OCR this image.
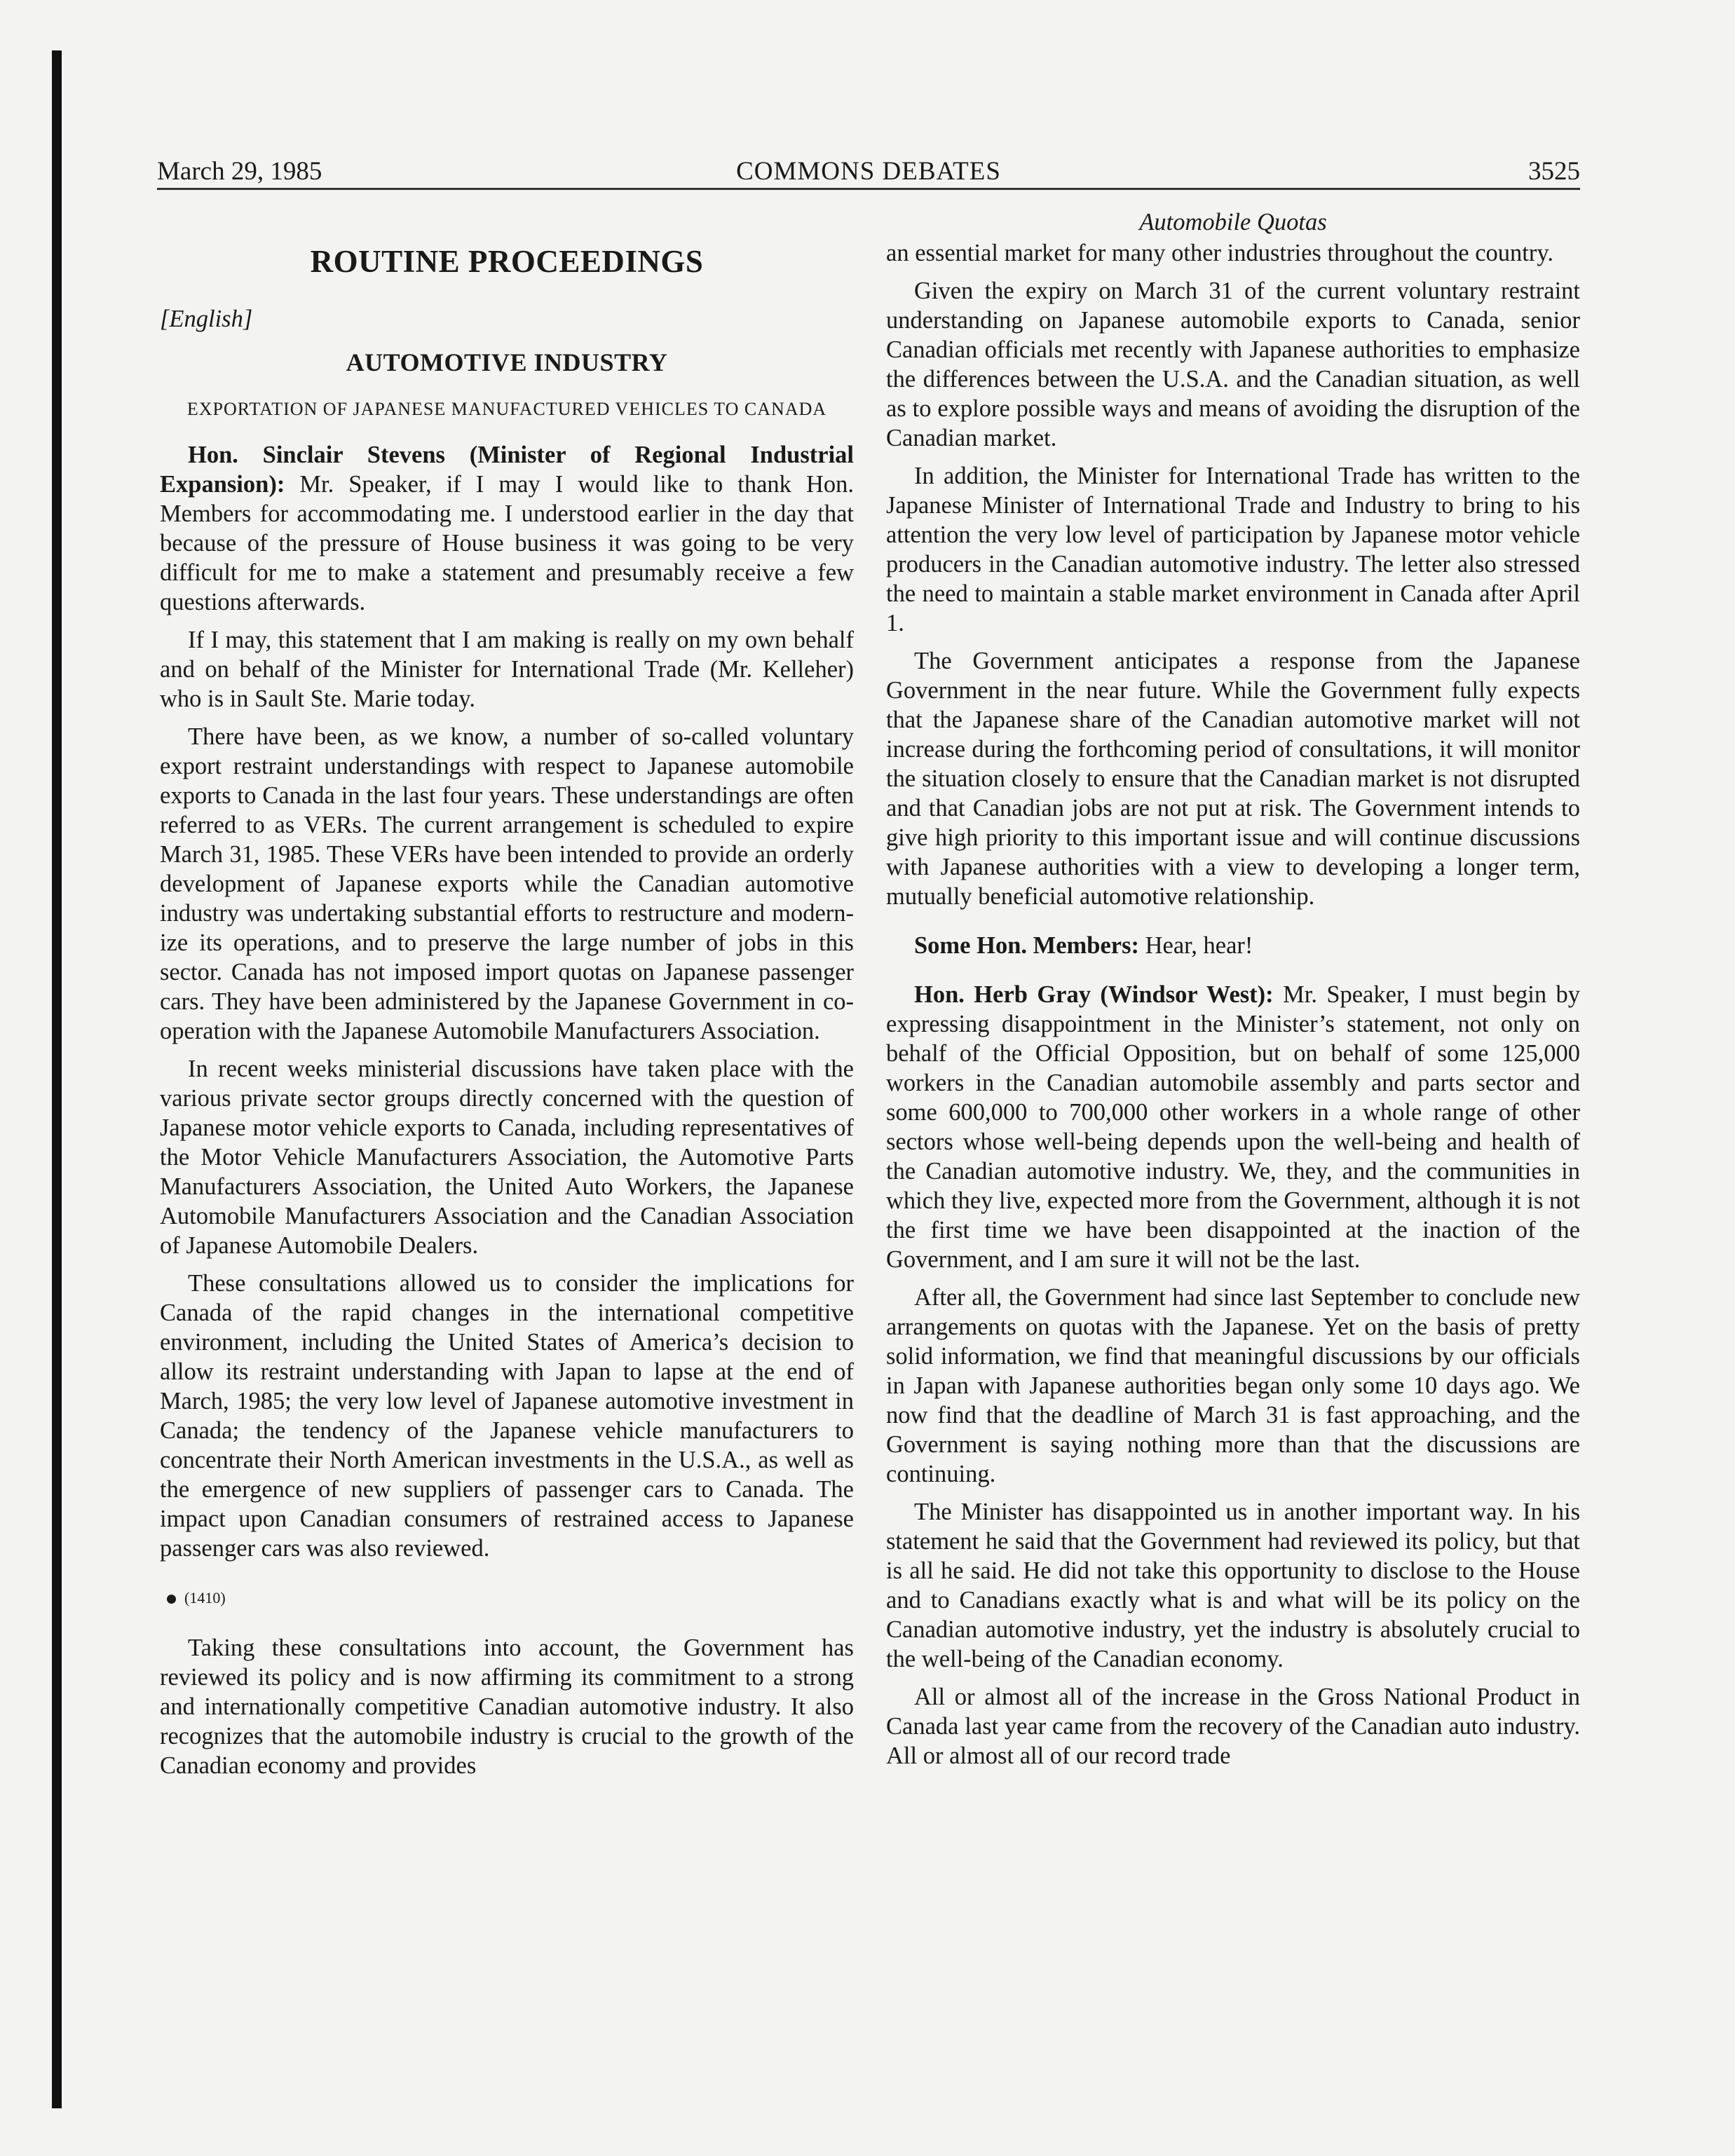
March 29, 1985	COMMONS DEBATES	3525
ROUTINE PROCEEDINGS
[English]
AUTOMOTIVE INDUSTRY
EXPORTATION OF JAPANESE MANUFACTURED VEHICLES TO CANADA

Hon. Sinclair Stevens (Minister of Regional Industrial Expansion): Mr. Speaker, if I may I would like to thank Hon. Members for accommodating me. I understood earlier in the day that because of the pressure of House business it was going to be very difficult for me to make a statement and presumably receive a few questions afterwards.

If I may, this statement that I am making is really on my own behalf and on behalf of the Minister for International Trade (Mr. Kelleher) who is in Sault Ste. Marie today.

There have been, as we know, a number of so-called voluntary export restraint understandings with respect to Japanese automobile exports to Canada in the last four years. These understandings are often referred to as VERs. The current arrangement is scheduled to expire March 31, 1985. These VERs have been intended to provide an orderly development of Japanese exports while the Canadian automotive industry was undertaking substantial efforts to restructure and modernize its operations, and to preserve the large number of jobs in this sector. Canada has not imposed import quotas on Japanese passenger cars. They have been administered by the Japanese Government in co-operation with the Japanese Automobile Manufacturers Association.

In recent weeks ministerial discussions have taken place with the various private sector groups directly concerned with the question of Japanese motor vehicle exports to Canada, including representatives of the Motor Vehicle Manufacturers Association, the Automotive Parts Manufacturers Association, the United Auto Workers, the Japanese Automobile Manufacturers Association and the Canadian Association of Japanese Automobile Dealers.

These consultations allowed us to consider the implications for Canada of the rapid changes in the international competitive environment, including the United States of America’s decision to allow its restraint understanding with Japan to lapse at the end of March, 1985; the very low level of Japanese automotive investment in Canada; the tendency of the Japanese vehicle manufacturers to concentrate their North American investments in the U.S.A., as well as the emergence of new suppliers of passenger cars to Canada. The impact upon Canadian consumers of restrained access to Japanese passenger cars was also reviewed.

(1410)

Taking these consultations into account, the Government has reviewed its policy and is now affirming its commitment to a strong and internationally competitive Canadian automotive industry. It also recognizes that the automobile industry is crucial to the growth of the Canadian economy and provides

Automobile Quotas

an essential market for many other industries throughout the country.

Given the expiry on March 31 of the current voluntary restraint understanding on Japanese automobile exports to Canada, senior Canadian officials met recently with Japanese authorities to emphasize the differences between the U.S.A. and the Canadian situation, as well as to explore possible ways and means of avoiding the disruption of the Canadian market.

In addition, the Minister for International Trade has written to the Japanese Minister of International Trade and Industry to bring to his attention the very low level of participation by Japanese motor vehicle producers in the Canadian automotive industry. The letter also stressed the need to maintain a stable market environment in Canada after April 1.

The Government anticipates a response from the Japanese Government in the near future. While the Government fully expects that the Japanese share of the Canadian automotive market will not increase during the forthcoming period of consultations, it will monitor the situation closely to ensure that the Canadian market is not disrupted and that Canadian jobs are not put at risk. The Government intends to give high priority to this important issue and will continue discussions with Japanese authorities with a view to developing a longer term, mutually beneficial automotive relationship.

Some Hon. Members: Hear, hear!

Hon. Herb Gray (Windsor West): Mr. Speaker, I must begin by expressing disappointment in the Minister’s statement, not only on behalf of the Official Opposition, but on behalf of some 125,000 workers in the Canadian automobile assembly and parts sector and some 600,000 to 700,000 other workers in a whole range of other sectors whose well-being depends upon the well-being and health of the Canadian automotive industry. We, they, and the communities in which they live, expected more from the Government, although it is not the first time we have been disappointed at the inaction of the Government, and I am sure it will not be the last.

After all, the Government had since last September to conclude new arrangements on quotas with the Japanese. Yet on the basis of pretty solid information, we find that meaningful discussions by our officials in Japan with Japanese authorities began only some 10 days ago. We now find that the deadline of March 31 is fast approaching, and the Government is saying nothing more than that the discussions are continuing.

The Minister has disappointed us in another important way. In his statement he said that the Government had reviewed its policy, but that is all he said. He did not take this opportunity to disclose to the House and to Canadians exactly what is and what will be its policy on the Canadian automotive industry, yet the industry is absolutely crucial to the well-being of the Canadian economy.

All or almost all of the increase in the Gross National Product in Canada last year came from the recovery of the Canadian auto industry. All or almost all of our record trade
